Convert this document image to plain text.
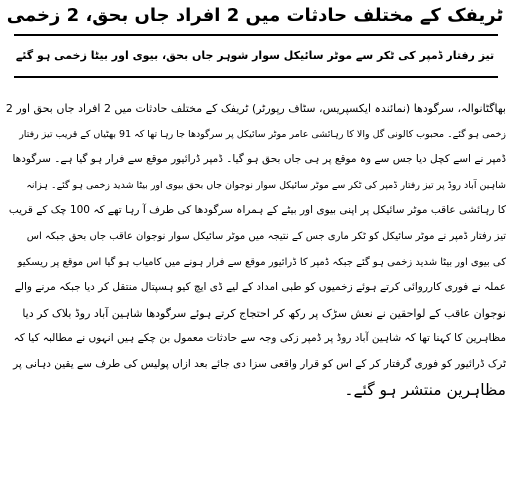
ٹریفک کے مختلف حادثات میں 2 افراد جاں بحق، 2 زخمی
تیز رفتار ڈمپر کی ٹکر سے موٹر سائیکل سوار شوہر جاں بحق، بیوی اور بیٹا زخمی ہو گئے
بھاگٹانوالہ، سرگودھا (نمائندہ ایکسپریس، سٹاف رپورٹر) ٹریفک کے مختلف حادثات میں 2 افراد جاں بحق اور 2
زخمی ہو گئے۔ محبوب کالونی گل والا کا رہائشی عامر موٹر سائیکل پر سرگودھا جا رہا تھا کہ 91 بھٹیاں کے قریب تیز رفتار
ڈمپر نے اسے کچل دیا جس سے وہ موقع پر ہی جاں بحق ہو گیا۔ ڈمپر ڈرائیور موقع سے فرار ہو گیا ہے۔ سرگودھا
شاہین آباد روڈ پر تیز رفتار ڈمپر کی ٹکر سے موٹر سائیکل سوار نوجوان جاں بحق بیوی اور بیٹا شدید زخمی ہو گئے۔ ہزانہ
کا رہائشی عاقب موٹر سائیکل پر اپنی بیوی اور بیٹے کے ہمراہ سرگودھا کی طرف آ رہا تھے کہ 100 چک کے قریب
تیز رفتار ڈمپر نے موٹر سائیکل کو ٹکر ماری جس کے نتیجہ میں موٹر سائیکل سوار نوجوان عاقب جاں بحق جبکہ اس
کی بیوی اور بیٹا شدید زخمی ہو گئے جبکہ ڈمپر کا ڈرائیور موقع سے فرار ہونے میں کامیاب ہو گیا اس موقع پر ریسکیو
عملہ نے فوری کارروائی کرتے ہوئے زخمیوں کو طبی امداد کے لیے ڈی ایچ کیو ہسپتال منتقل کر دیا جبکہ مرنے والے
نوجوان عاقب کے لواحقین نے نعش سڑک پر رکھ کر احتجاج کرتے ہوئے سرگودھا شاہین آباد روڈ بلاک کر دیا
مظاہرین کا کہنا تھا کہ شاہین آباد روڈ پر ڈمپر زکی وجہ سے حادثات معمول بن چکے ہیں انہوں نے مطالبہ کیا کہ
ٹرک ڈرائیور کو فوری گرفتار کر کے اس کو قرار واقعی سزا دی جائے بعد ازاں پولیس کی طرف سے یقین دہانی پر
مظاہرین منتشر ہو گئے۔
